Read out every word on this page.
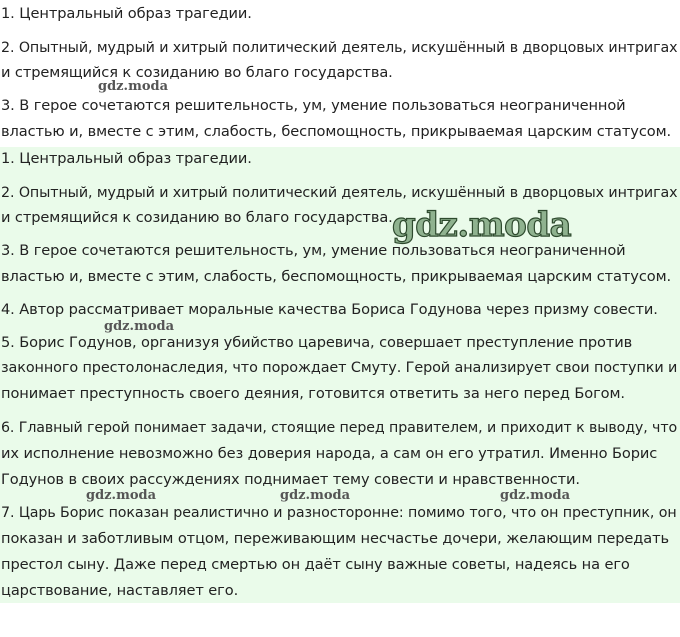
1. Центральный образ трагедии.
2. Опытный, мудрый и хитрый политический деятель, искушённый в дворцовых интригах
и стремящийся к созиданию во благо государства.
3. В герое сочетаются решительность, ум, умение пользоваться неограниченной
властью и, вместе с этим, слабость, беспомощность, прикрываемая царским статусом.
1. Центральный образ трагедии.
2. Опытный, мудрый и хитрый политический деятель, искушённый в дворцовых интригах
и стремящийся к созиданию во благо государства.
3. В герое сочетаются решительность, ум, умение пользоваться неограниченной
властью и, вместе с этим, слабость, беспомощность, прикрываемая царским статусом.
4. Автор рассматривает моральные качества Бориса Годунова через призму совести.
5. Борис Годунов, организуя убийство царевича, совершает преступление против
законного престолонаследия, что порождает Смуту. Герой анализирует свои поступки и
понимает преступность своего деяния, готовится ответить за него перед Богом.
6. Главный герой понимает задачи, стоящие перед правителем, и приходит к выводу, что
их исполнение невозможно без доверия народа, а сам он его утратил. Именно Борис
Годунов в своих рассуждениях поднимает тему совести и нравственности.
7. Царь Борис показан реалистично и разносторонне: помимо того, что он преступник, он
показан и заботливым отцом, переживающим несчастье дочери, желающим передать
престол сыну. Даже перед смертью он даёт сыну важные советы, надеясь на его
царствование, наставляет его.
gdz.moda
gdz.moda
gdz.moda
gdz.moda	gdz.moda	gdz.moda
